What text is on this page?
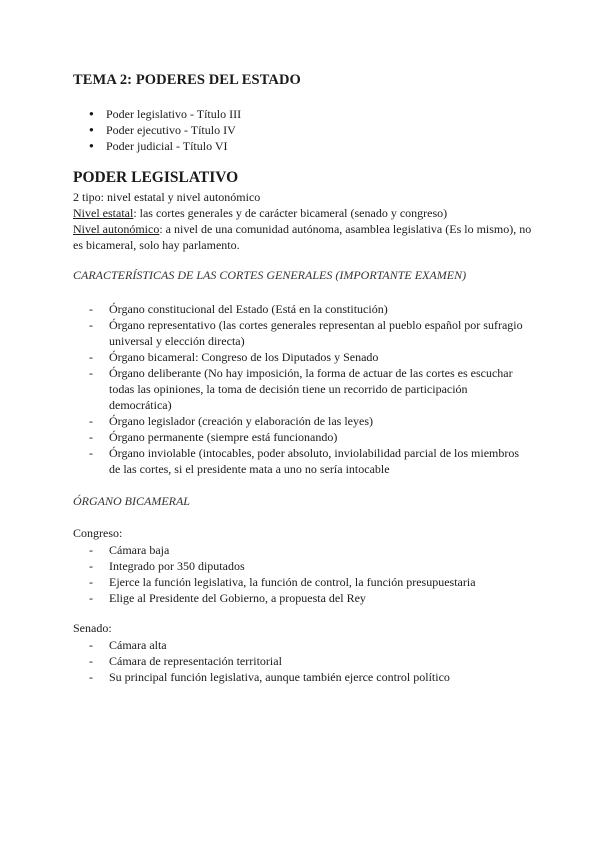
TEMA 2: PODERES DEL ESTADO
● Poder legislativo - Título III
● Poder ejecutivo - Título IV
● Poder judicial - Título VI
PODER LEGISLATIVO
2 tipo: nivel estatal y nivel autonómico
Nivel estatal: las cortes generales y de carácter bicameral (senado y congreso)
Nivel autonómico: a nivel de una comunidad autónoma, asamblea legislativa (Es lo mismo), no es bicameral, solo hay parlamento.
CARACTERÍSTICAS DE LAS CORTES GENERALES (IMPORTANTE EXAMEN)
- Órgano constitucional del Estado (Está en la constitución)
- Órgano representativo (las cortes generales representan al pueblo español por sufragio universal y elección directa)
- Órgano bicameral: Congreso de los Diputados y Senado
- Órgano deliberante (No hay imposición, la forma de actuar de las cortes es escuchar todas las opiniones, la toma de decisión tiene un recorrido de participación democrática)
- Órgano legislador (creación y elaboración de las leyes)
- Órgano permanente (siempre está funcionando)
- Órgano inviolable (intocables, poder absoluto, inviolabilidad parcial de los miembros de las cortes, si el presidente mata a uno no sería intocable
ÓRGANO BICAMERAL
Congreso:
- Cámara baja
- Integrado por 350 diputados
- Ejerce la función legislativa, la función de control, la función presupuestaria
- Elige al Presidente del Gobierno, a propuesta del Rey
Senado:
- Cámara alta
- Cámara de representación territorial
- Su principal función legislativa, aunque también ejerce control político
